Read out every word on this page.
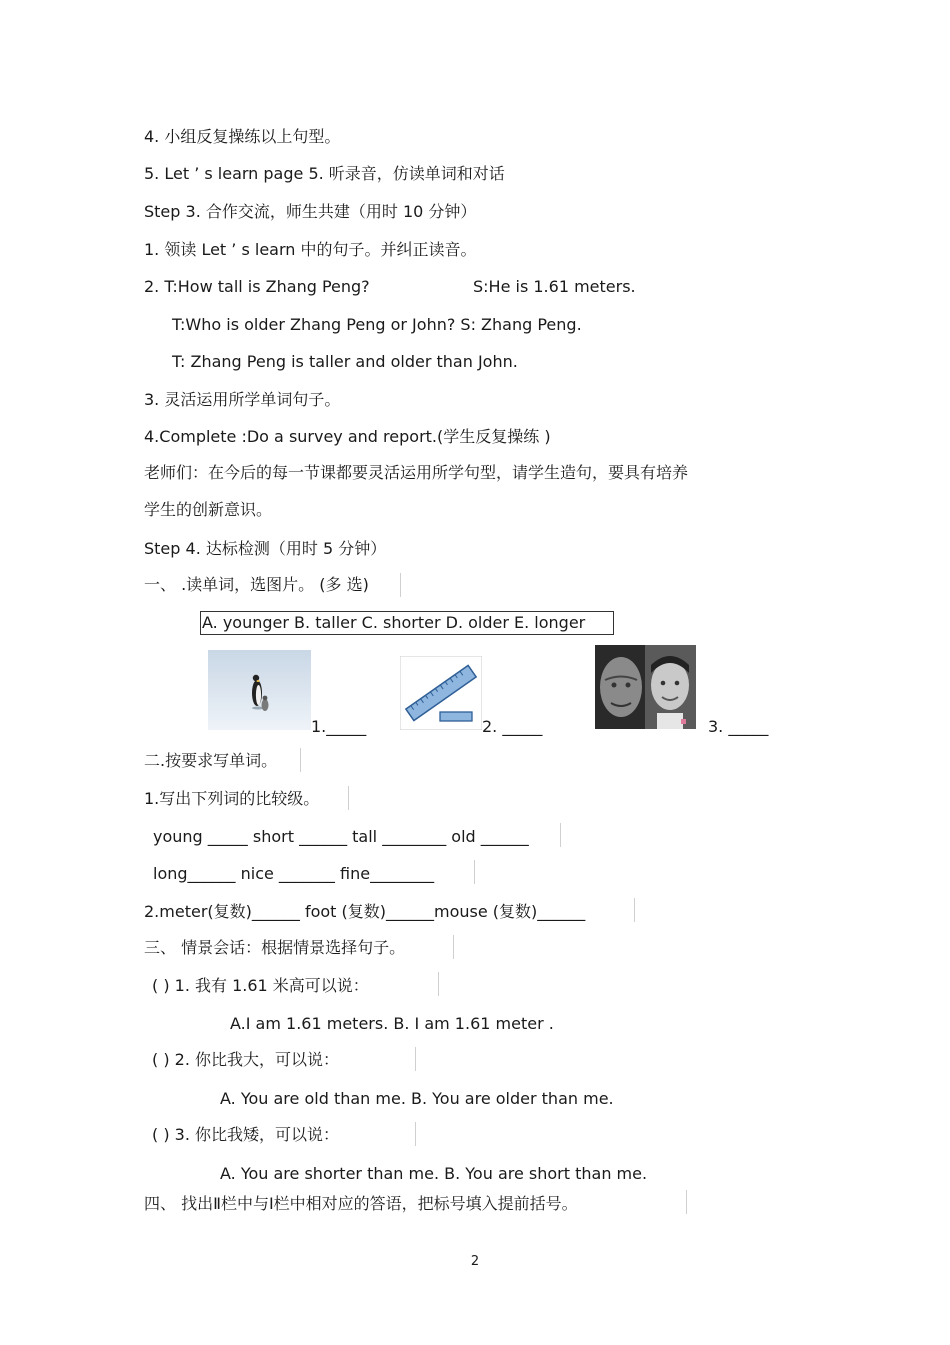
4. 小组反复操练以上句型。
5. Let ’ s learn page 5. 听录音，仿读单词和对话
Step 3. 合作交流，师生共建（用时 10 分钟）
1. 领读 Let ’ s learn 中的句子。并纠正读音。
2. T:How tall is Zhang Peng?	S:He is 1.61 meters.
T:Who is older Zhang Peng or John? S: Zhang Peng.
T: Zhang Peng is taller and older than John.
3. 灵活运用所学单词句子。
4.Complete :Do a survey and report.(学生反复操练 )
老师们：在今后的每一节课都要灵活运用所学句型，请学生造句，要具有培养
学生的创新意识。
Step 4. 达标检测（用时 5 分钟）
一、 .读单词，选图片。 (多 选)
A. younger B. taller C. shorter D. older E. longer
1._____	2. _____	3. _____
二.按要求写单词。
1.写出下列词的比较级。
young _____ short ______ tall ________ old ______
long______ nice _______ fine________
2.meter(复数)______ foot (复数)______mouse (复数)______
三、 情景会话：根据情景选择句子。
( ) 1. 我有 1.61 米高可以说：
A.I am 1.61 meters. B. I am 1.61 meter .
( ) 2. 你比我大，可以说：
A. You are old than me. B. You are older than me.
( ) 3. 你比我矮，可以说：
A. You are shorter than me. B. You are short than me.
四、 找出Ⅱ栏中与Ⅰ栏中相对应的答语，把标号填入提前括号。
2
